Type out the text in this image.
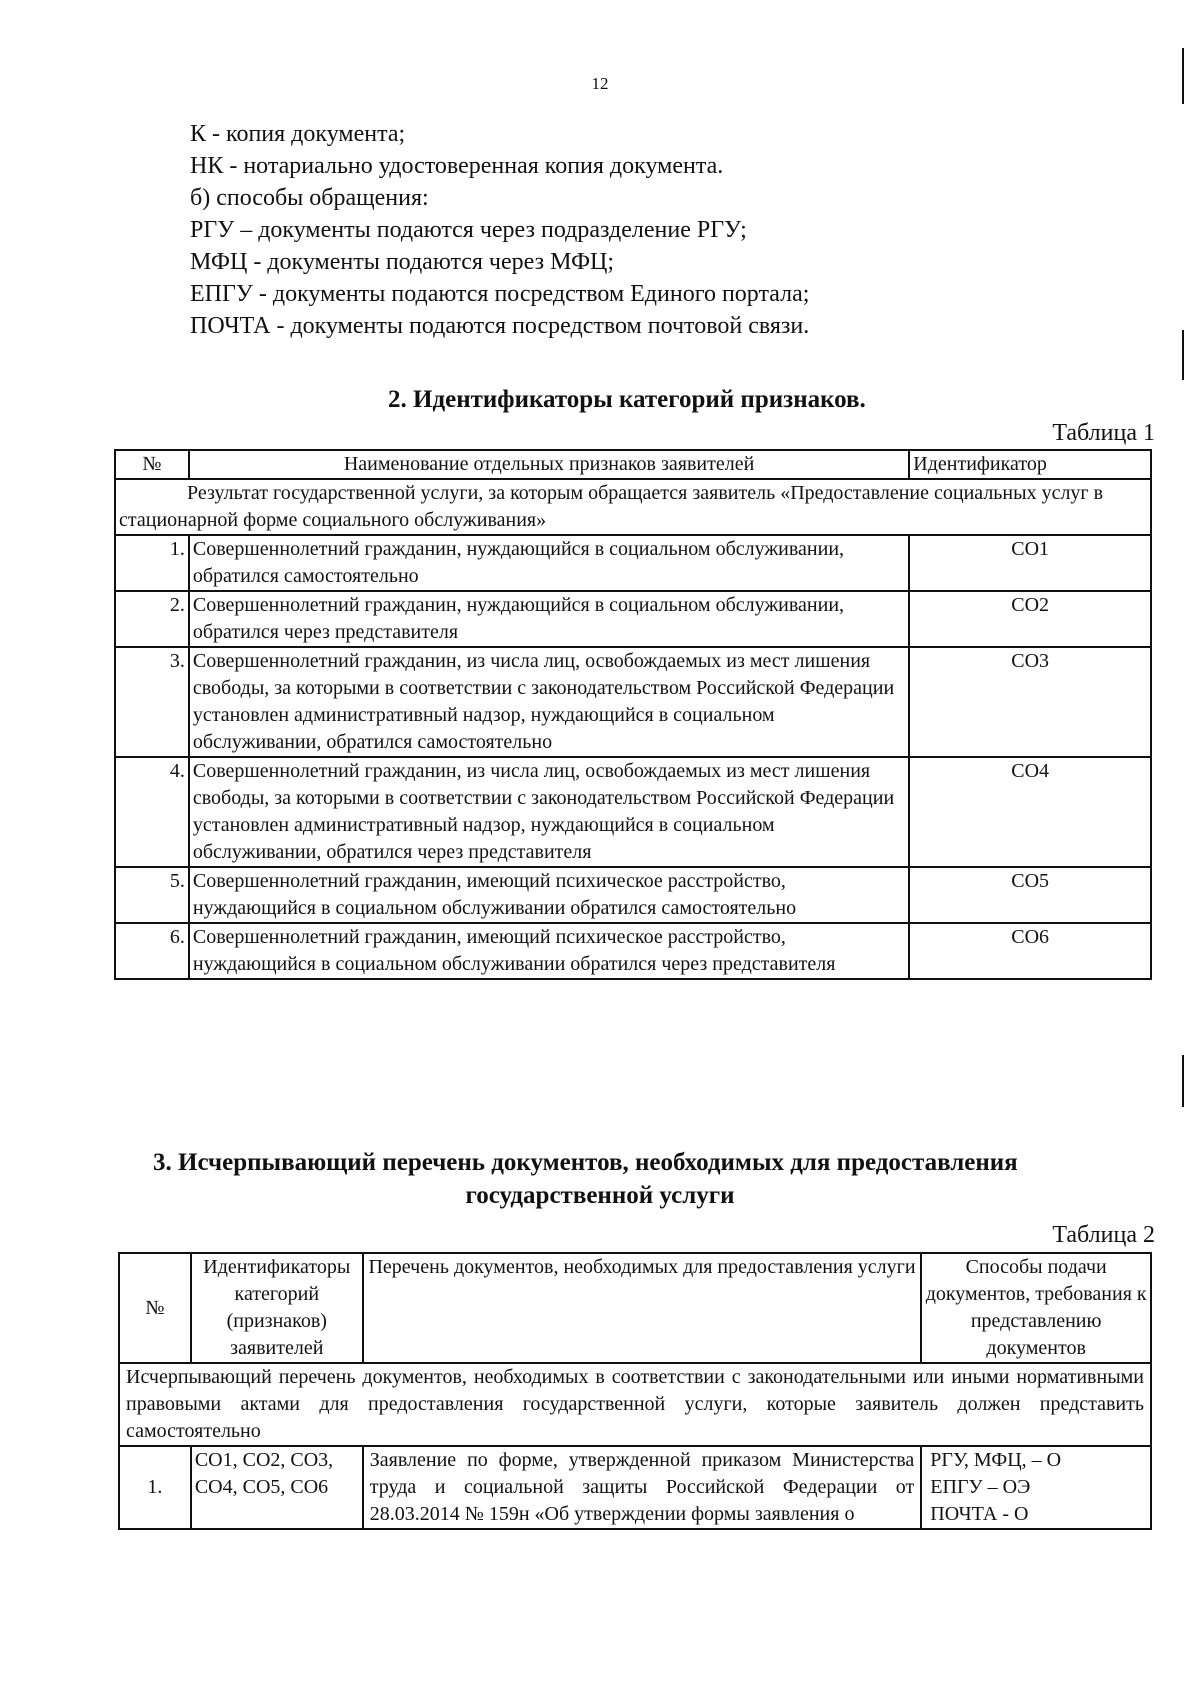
12
К - копия документа;
НК - нотариально удостоверенная копия документа.
б) способы обращения:
РГУ – документы подаются через подразделение РГУ;
МФЦ - документы подаются через МФЦ;
ЕПГУ - документы подаются посредством Единого портала;
ПОЧТА - документы подаются посредством почтовой связи.
2. Идентификаторы категорий признаков.
Таблица 1
№	Наименование отдельных признаков заявителей	Идентификатор
Результат государственной услуги, за которым обращается заявитель «Предоставление социальных услуг в стационарной форме социального обслуживания»		
1.	Совершеннолетний гражданин, нуждающийся в социальном обслуживании, обратился самостоятельно	СО1
2.	Совершеннолетний гражданин, нуждающийся в социальном обслуживании, обратился через представителя	СО2
3.	Совершеннолетний гражданин, из числа лиц, освобождаемых из мест лишения свободы, за которыми в соответствии с законодательством Российской Федерации установлен административный надзор, нуждающийся в социальном обслуживании, обратился самостоятельно	СО3
4.	Совершеннолетний гражданин, из числа лиц, освобождаемых из мест лишения свободы, за которыми в соответствии с законодательством Российской Федерации установлен административный надзор, нуждающийся в социальном обслуживании, обратился через представителя	СО4
5.	Совершеннолетний гражданин, имеющий психическое расстройство, нуждающийся в социальном обслуживании обратился самостоятельно	СО5
6.	Совершеннолетний гражданин, имеющий психическое расстройство, нуждающийся в социальном обслуживании обратился через представителя	СО6
3. Исчерпывающий перечень документов, необходимых для предоставления
государственной услуги
Таблица 2
№	Идентификаторы категорий (признаков) заявителей	Перечень документов, необходимых для предоставления услуги	Способы подачи документов, требования к представлению документов
Исчерпывающий перечень документов, необходимых в соответствии с законодательными или иными нормативными правовыми актами для предоставления государственной услуги, которые заявитель должен представить самостоятельно			
1.	СО1, СО2, СО3, СО4, СО5, СО6	Заявление по форме, утвержденной приказом Министерства труда и социальной защиты Российской Федерации от 28.03.2014 № 159н «Об утверждении формы заявления о	РГУ, МФЦ, – О
ЕПГУ – ОЭ
ПОЧТА - О
